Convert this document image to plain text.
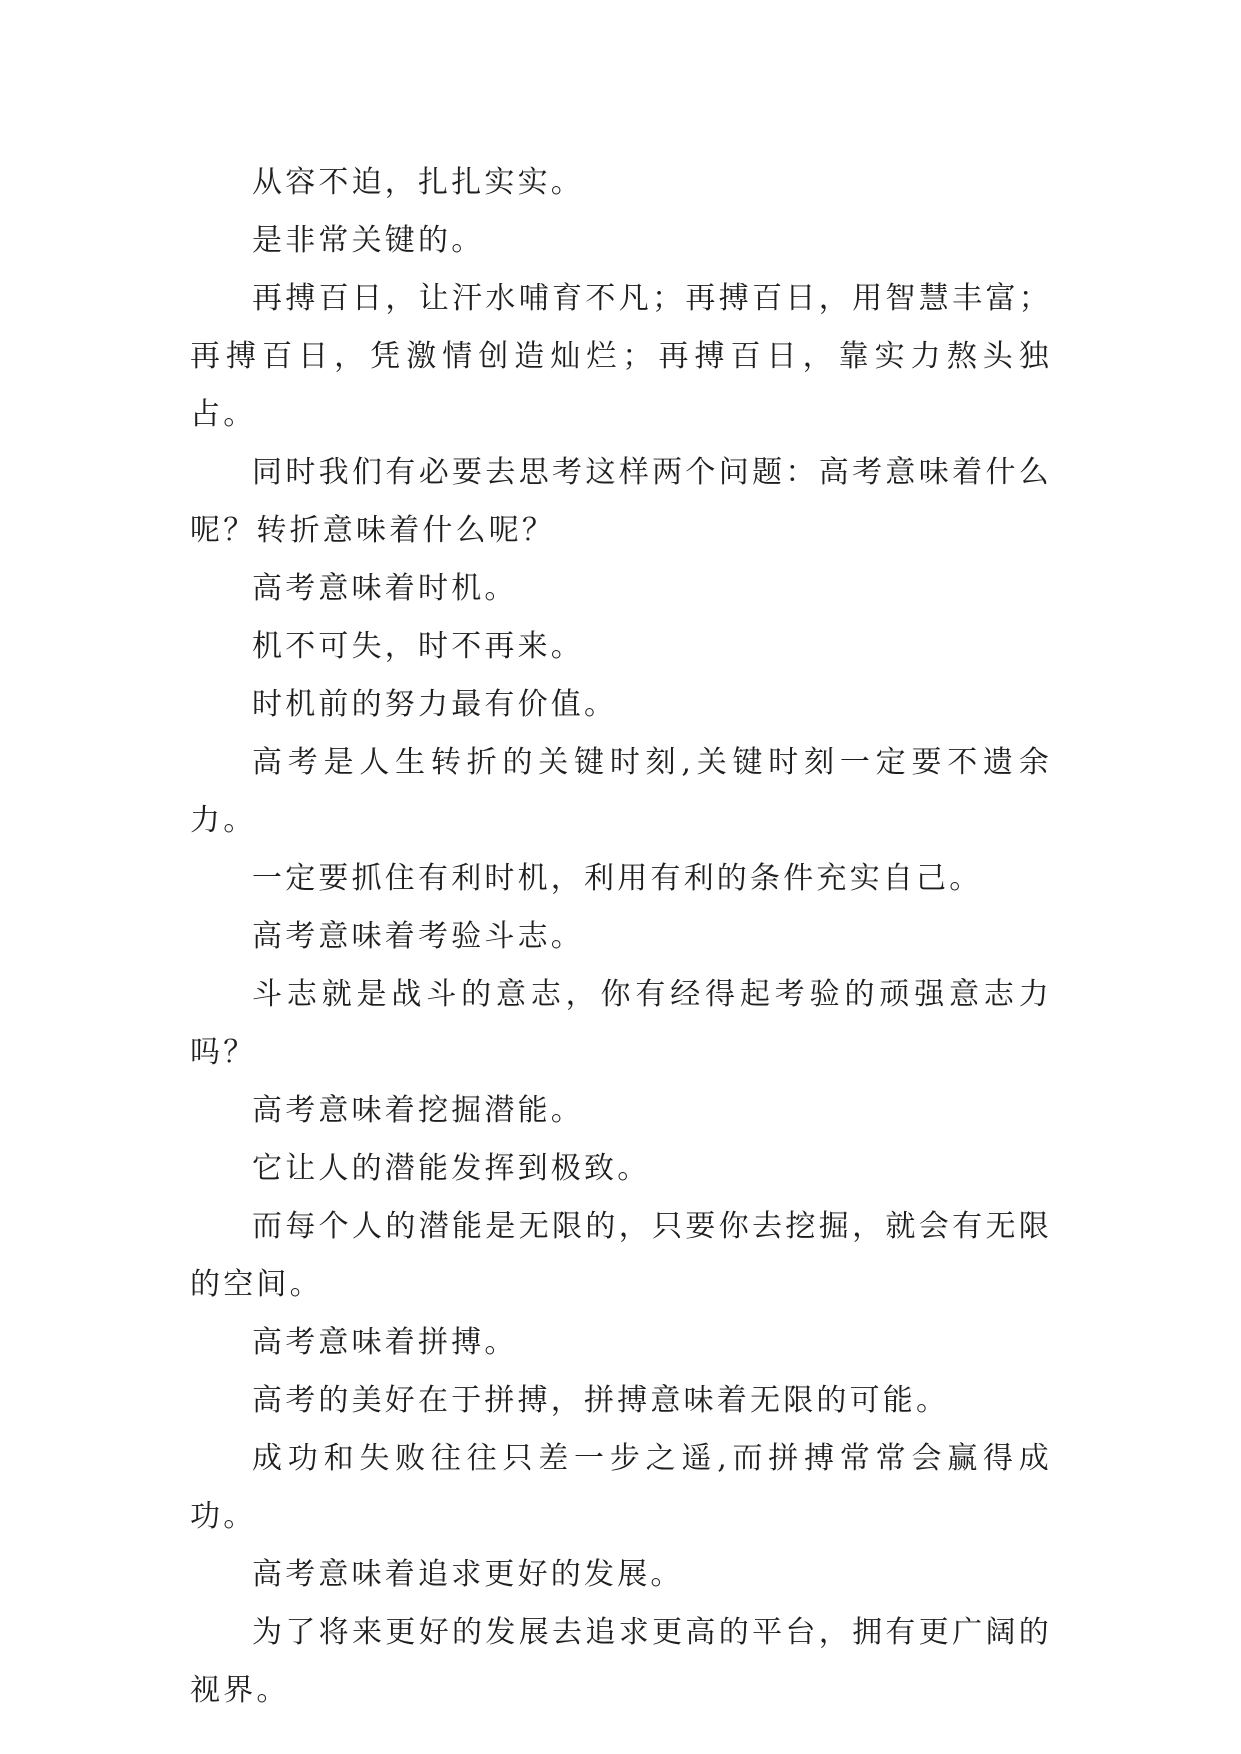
从容不迫，扎扎实实。

是非常关键的。

再搏百日，让汗水哺育不凡；再搏百日，用智慧丰富；再搏百日，凭激情创造灿烂；再搏百日，靠实力熬头独占。

同时我们有必要去思考这样两个问题：高考意味着什么呢？转折意味着什么呢？

高考意味着时机。

机不可失，时不再来。

时机前的努力最有价值。

高考是人生转折的关键时刻,关键时刻一定要不遗余力。

一定要抓住有利时机，利用有利的条件充实自己。

高考意味着考验斗志。

斗志就是战斗的意志，你有经得起考验的顽强意志力吗？

高考意味着挖掘潜能。

它让人的潜能发挥到极致。

而每个人的潜能是无限的，只要你去挖掘，就会有无限的空间。

高考意味着拼搏。

高考的美好在于拼搏，拼搏意味着无限的可能。

成功和失败往往只差一步之遥,而拼搏常常会赢得成功。

高考意味着追求更好的发展。

为了将来更好的发展去追求更高的平台，拥有更广阔的视界。
